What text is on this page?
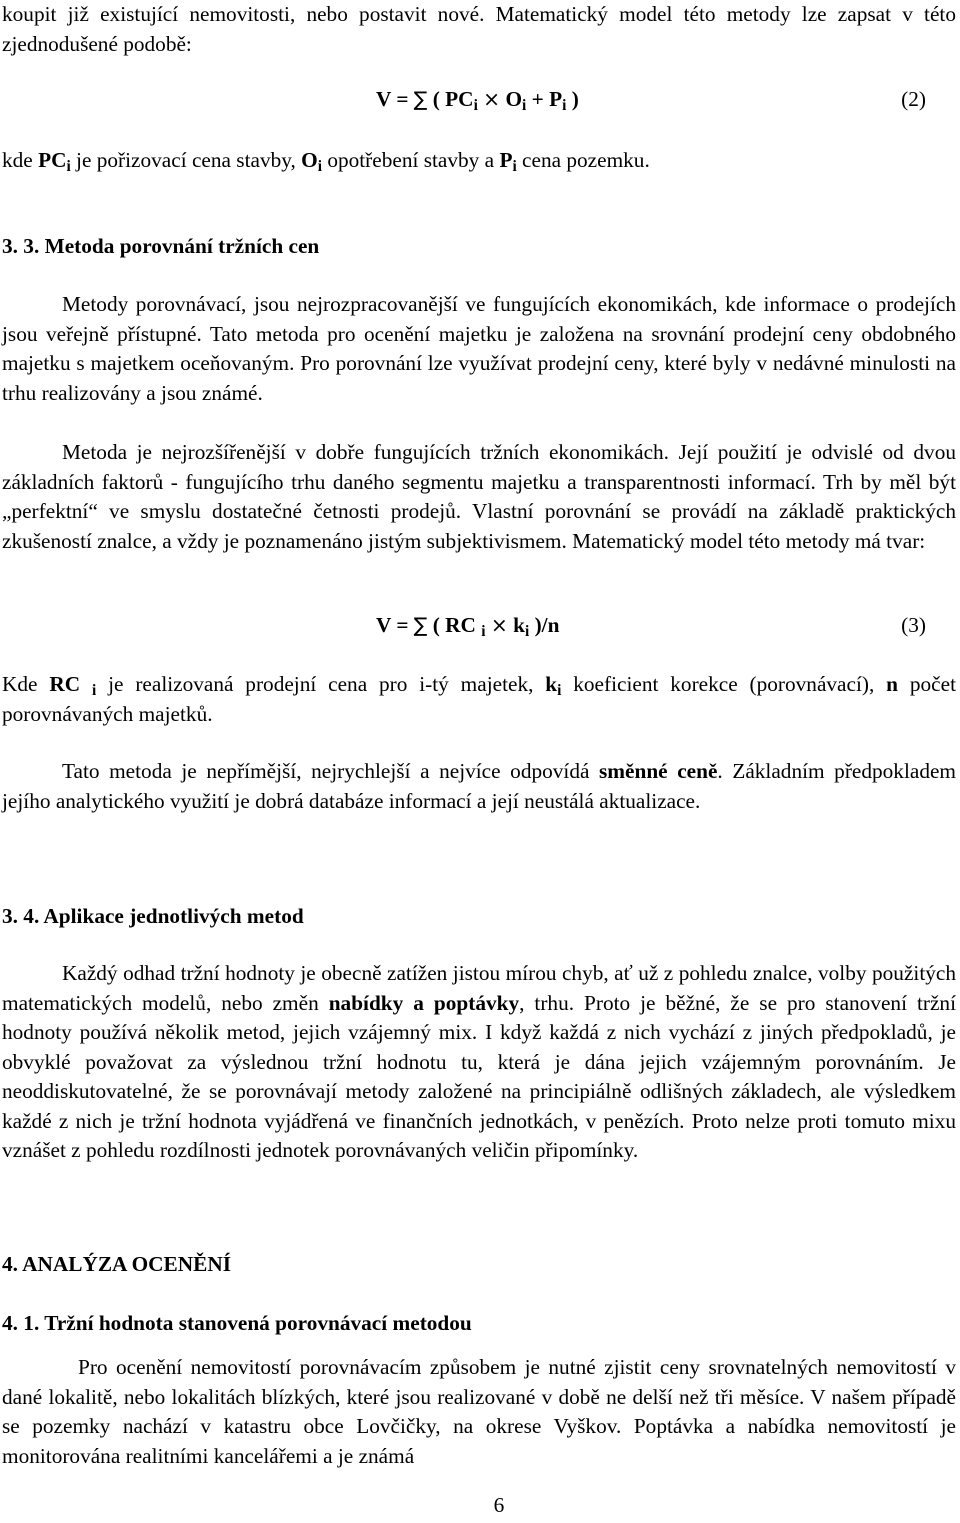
koupit již existující nemovitosti, nebo postavit nové. Matematický model této metody lze zapsat v této zjednodušené podobě:

V = ∑ ( $PC_i \times O_i + P_i$ )	(2)

kde $PC_i$ je pořizovací cena stavby, $O_i$ opotřebení stavby a $P_i$ cena pozemku.

3. 3. Metoda porovnání tržních cen

Metody porovnávací, jsou nejrozpracovanější ve fungujících ekonomikách, kde informace o prodejích jsou veřejně přístupné. Tato metoda pro ocenění majetku je založena na srovnání prodejní ceny obdobného majetku s majetkem oceňovaným. Pro porovnání lze využívat prodejní ceny, které byly v nedávné minulosti na trhu realizovány a jsou známé.

Metoda je nejrozšířenější v dobře fungujících tržních ekonomikách. Její použití je odvislé od dvou základních faktorů - fungujícího trhu daného segmentu majetku a transparentnosti informací. Trh by měl být „perfektní“ ve smyslu dostatečné četnosti prodejů. Vlastní porovnání se provádí na základě praktických zkušeností znalce, a vždy je poznamenáno jistým subjektivismem. Matematický model této metody má tvar:

V = ∑ ( RC $_i \times k_i$ )/n	(3)

Kde RC $_i$ je realizovaná prodejní cena pro i-tý majetek, $k_i$ koeficient korekce (porovnávací), n počet porovnávaných majetků.

Tato metoda je nepřímější, nejrychlejší a nejvíce odpovídá směnné ceně. Základním předpokladem jejího analytického využití je dobrá databáze informací a její neustálá aktualizace.

3. 4. Aplikace jednotlivých metod

Každý odhad tržní hodnoty je obecně zatížen jistou mírou chyb, ať už z pohledu znalce, volby použitých matematických modelů, nebo změn nabídky a poptávky, trhu. Proto je běžné, že se pro stanovení tržní hodnoty používá několik metod, jejich vzájemný mix. I když každá z nich vychází z jiných předpokladů, je obvyklé považovat za výslednou tržní hodnotu tu, která je dána jejich vzájemným porovnáním. Je neoddiskutovatelné, že se porovnávají metody založené na principiálně odlišných základech, ale výsledkem každé z nich je tržní hodnota vyjádřená ve finančních jednotkách, v penězích. Proto nelze proti tomuto mixu vznášet z pohledu rozdílnosti jednotek porovnávaných veličin připomínky.

4. ANALÝZA OCENĚNÍ
4. 1. Tržní hodnota stanovená porovnávací metodou

Pro ocenění nemovitostí porovnávacím způsobem je nutné zjistit ceny srovnatelných nemovitostí v dané lokalitě, nebo lokalitách blízkých, které jsou realizované v době ne delší než tři měsíce. V našem případě se pozemky nachází v katastru obce Lovčičky, na okrese Vyškov. Poptávka a nabídka nemovitostí je monitorována realitními kancelářemi a je známá

6
